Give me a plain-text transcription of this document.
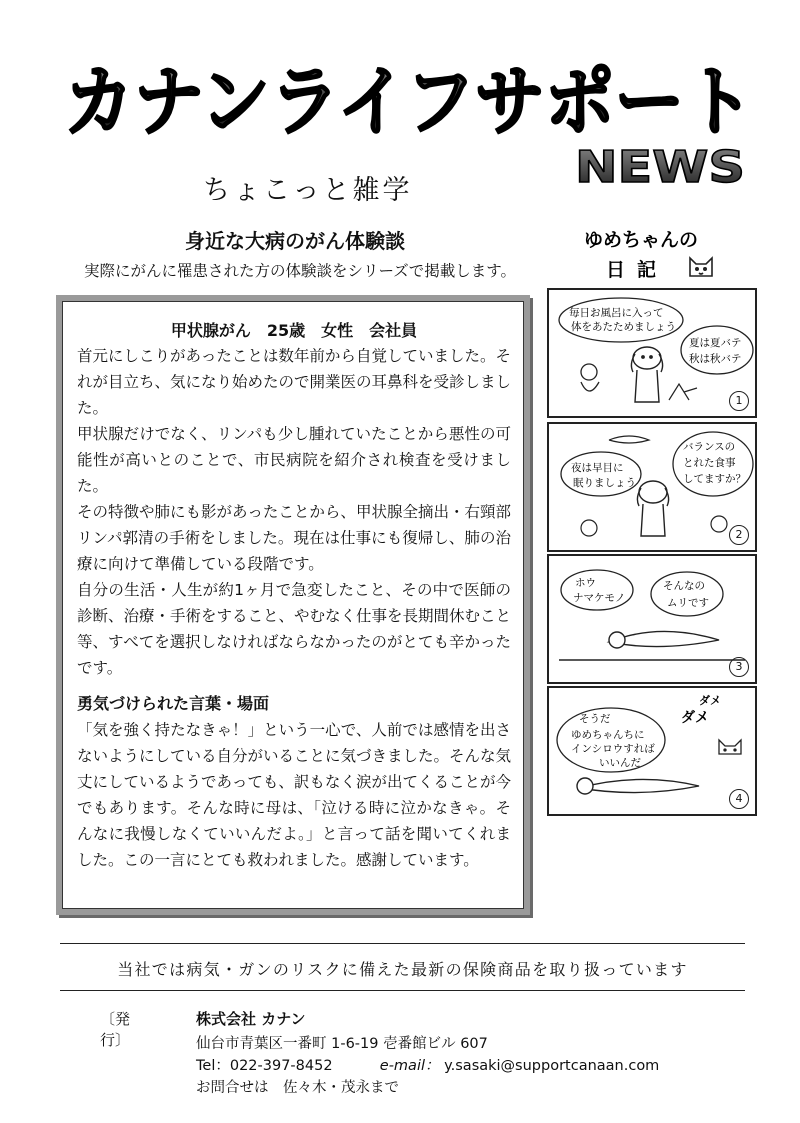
カナンライフサポート
NEWS
ちょこっと雑学
身近な大病のがん体験談
実際にがんに罹患された方の体験談をシリーズで掲載します。
甲状腺がん　25歳　女性　会社員

首元にしこりがあったことは数年前から自覚していました。それが目立ち、気になり始めたので開業医の耳鼻科を受診しました。

甲状腺だけでなく、リンパも少し腫れていたことから悪性の可能性が高いとのことで、市民病院を紹介され検査を受けました。

その特徴や肺にも影があったことから、甲状腺全摘出・右頸部リンパ郭清の手術をしました。現在は仕事にも復帰し、肺の治療に向けて準備している段階です。

自分の生活・人生が約1ヶ月で急変したこと、その中で医師の診断、治療・手術をすること、やむなく仕事を長期間休むこと等、すべてを選択しなければならなかったのがとても辛かったです。

勇気づけられた言葉・場面

「気を強く持たなきゃ！」という一心で、人前では感情を出さないようにしている自分がいることに気づきました。そんな気丈にしているようであっても、訳もなく涙が出てくることが今でもあります。そんな時に母は、「泣ける時に泣かなきゃ。そんなに我慢しなくていいんだよ。」と言って話を聞いてくれました。この一言にとても救われました。感謝しています。

ゆめちゃんの
日記
毎日お風呂に入って
体をあたためましょう
夏は夏バテ
秋は秋バテ
1
夜は早目に
眠りましょう
バランスの
とれた食事
してますか？
2
ホウ
ナマケモノ
そんなの
ムリです
3
そうだ
ゆめちゃんちに
インシロウすれば
いいんだ
ダメ
ダメ
4
当社では病気・ガンのリスクに備えた最新の保険商品を取り扱っています
〔発行〕
株式会社 カナン
仙台市青葉区一番町 1-6-19 壱番館ビル 607
Tel：022-397-8452	e-mail： y.sasaki@supportcanaan.com
お問合せは　佐々木・茂永まで
